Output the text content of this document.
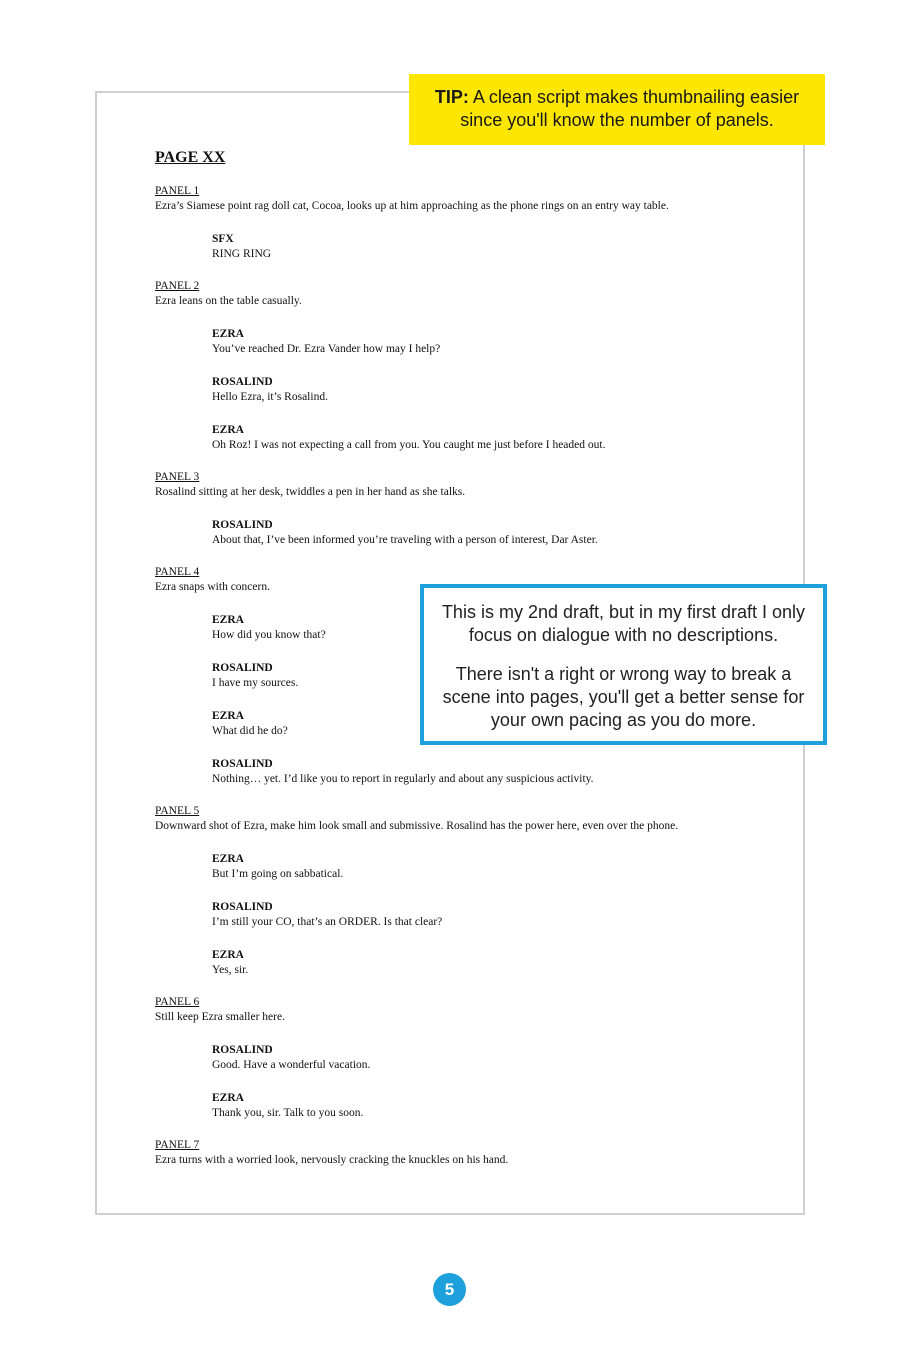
PAGE XX
PANEL 1
Ezra’s Siamese point rag doll cat, Cocoa, looks up at him approaching as the phone rings on an entry way table.
SFX
RING RING
PANEL 2
Ezra leans on the table casually.
EZRA
You’ve reached Dr. Ezra Vander how may I help?
ROSALIND
Hello Ezra, it’s Rosalind.
EZRA
Oh Roz! I was not expecting a call from you. You caught me just before I headed out.
PANEL 3
Rosalind sitting at her desk, twiddles a pen in her hand as she talks.
ROSALIND
About that, I’ve been informed you’re traveling with a person of interest, Dar Aster.
PANEL 4
Ezra snaps with concern.
EZRA
How did you know that?
ROSALIND
I have my sources.
EZRA
What did he do?
ROSALIND
Nothing… yet. I’d like you to report in regularly and about any suspicious activity.
PANEL 5
Downward shot of Ezra, make him look small and submissive. Rosalind has the power here, even over the phone.
EZRA
But I’m going on sabbatical.
ROSALIND
I’m still your CO, that’s an ORDER. Is that clear?
EZRA
Yes, sir.
PANEL 6
Still keep Ezra smaller here.
ROSALIND
Good. Have a wonderful vacation.
EZRA
Thank you, sir. Talk to you soon.
PANEL 7
Ezra turns with a worried look, nervously cracking the knuckles on his hand.
TIP: A clean script makes thumbnailing easier since you'll know the number of panels.

This is my 2nd draft, but in my first draft I only focus on dialogue with no descriptions.

There isn't a right or wrong way to break a scene into pages, you'll get a better sense for your own pacing as you do more.

5
